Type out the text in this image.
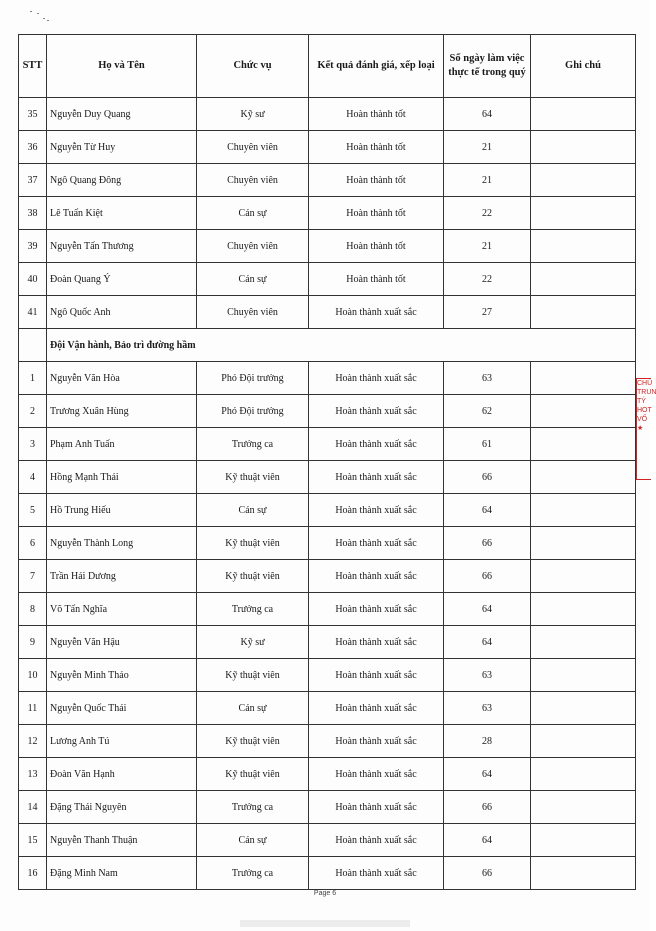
STT	Họ và Tên	Chức vụ	Kết quả đánh giá, xếp loại	Số ngày làm việc thực tế trong quý	Ghi chú
35	Nguyễn Duy Quang	Kỹ sư	Hoàn thành tốt	64	
36	Nguyễn Từ Huy	Chuyên viên	Hoàn thành tốt	21	
37	Ngô Quang Đông	Chuyên viên	Hoàn thành tốt	21	
38	Lê Tuấn Kiệt	Cán sự	Hoàn thành tốt	22	
39	Nguyễn Tấn Thương	Chuyên viên	Hoàn thành tốt	21	
40	Đoàn Quang Ý	Cán sự	Hoàn thành tốt	22	
41	Ngô Quốc Anh	Chuyên viên	Hoàn thành xuất sắc	27	
	Đội Vận hành, Bảo trì đường hầm				
1	Nguyễn Văn Hòa	Phó Đội trưởng	Hoàn thành xuất sắc	63	
2	Trương Xuân Hùng	Phó Đội trưởng	Hoàn thành xuất sắc	62	
3	Phạm Anh Tuấn	Trưởng ca	Hoàn thành xuất sắc	61	
4	Hồng Mạnh Thái	Kỹ thuật viên	Hoàn thành xuất sắc	66	
5	Hồ Trung Hiếu	Cán sự	Hoàn thành xuất sắc	64	
6	Nguyễn Thành Long	Kỹ thuật viên	Hoàn thành xuất sắc	66	
7	Trần Hải Dương	Kỹ thuật viên	Hoàn thành xuất sắc	66	
8	Võ Tấn Nghĩa	Trưởng ca	Hoàn thành xuất sắc	64	
9	Nguyễn Văn Hậu	Kỹ sư	Hoàn thành xuất sắc	64	
10	Nguyễn Minh Thảo	Kỹ thuật viên	Hoàn thành xuất sắc	63	
11	Nguyễn Quốc Thái	Cán sự	Hoàn thành xuất sắc	63	
12	Lương Anh Tú	Kỹ thuật viên	Hoàn thành xuất sắc	28	
13	Đoàn Văn Hạnh	Kỹ thuật viên	Hoàn thành xuất sắc	64	
14	Đặng Thái Nguyên	Trưởng ca	Hoàn thành xuất sắc	66	
15	Nguyễn Thanh Thuận	Cán sự	Hoàn thành xuất sắc	64	
16	Đặng Minh Nam	Trưởng ca	Hoàn thành xuất sắc	66	
Page 6
CHỦ
TRUN
TÝ
HOT
VỐ
★
